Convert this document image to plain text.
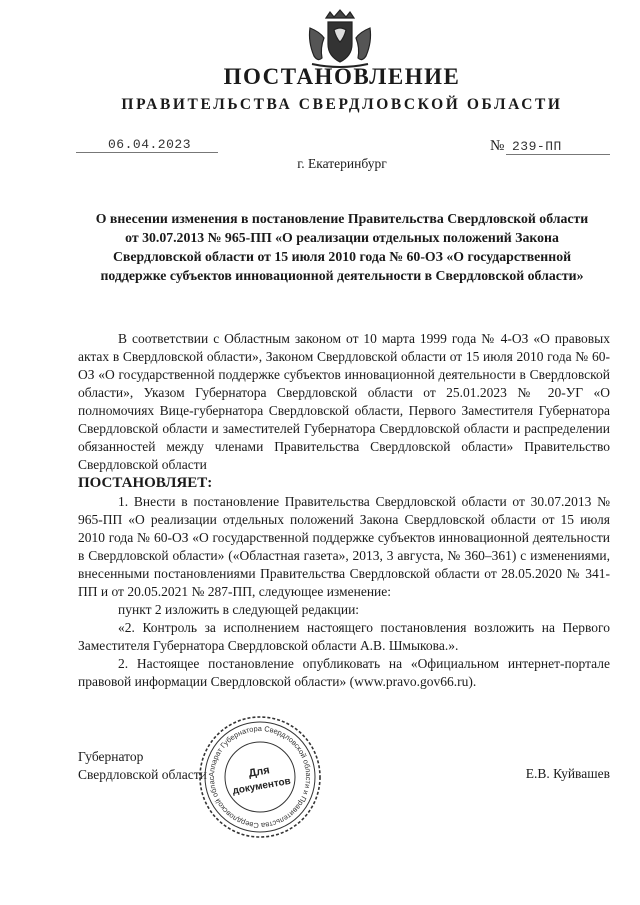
ПОСТАНОВЛЕНИЕ
ПРАВИТЕЛЬСТВА СВЕРДЛОВСКОЙ ОБЛАСТИ
06.04.2023	№ 239-ПП
г. Екатеринбург
О внесении изменения в постановление Правительства Свердловской области от 30.07.2013 № 965-ПП «О реализации отдельных положений Закона Свердловской области от 15 июля 2010 года № 60-ОЗ «О государственной поддержке субъектов инновационной деятельности в Свердловской области»

В соответствии с Областным законом от 10 марта 1999 года № 4-ОЗ «О правовых актах в Свердловской области», Законом Свердловской области от 15 июля 2010 года № 60-ОЗ «О государственной поддержке субъектов инновационной деятельности в Свердловской области», Указом Губернатора Свердловской области от 25.01.2023 № 20-УГ «О полномочиях Вице-губернатора Свердловской области, Первого Заместителя Губернатора Свердловской области и заместителей Губернатора Свердловской области и распределении обязанностей между членами Правительства Свердловской области» Правительство Свердловской области

ПОСТАНОВЛЯЕТ:

1. Внести в постановление Правительства Свердловской области от 30.07.2013 № 965-ПП «О реализации отдельных положений Закона Свердловской области от 15 июля 2010 года № 60-ОЗ «О государственной поддержке субъектов инновационной деятельности в Свердловской области» («Областная газета», 2013, 3 августа, № 360–361) с изменениями, внесенными постановлениями Правительства Свердловской области от 28.05.2020 № 341-ПП и от 20.05.2021 № 287-ПП, следующее изменение:

пункт 2 изложить в следующей редакции:

«2. Контроль за исполнением настоящего постановления возложить на Первого Заместителя Губернатора Свердловской области А.В. Шмыкова.».

2. Настоящее постановление опубликовать на «Официальном интернет-портале правовой информации Свердловской области» (www.pravo.gov66.ru).

Губернатор
Свердловской области	Е.В. Куйвашев
Аппарат Губернатора Свердловской области и Правительства Свердловской облас	Для
документов
